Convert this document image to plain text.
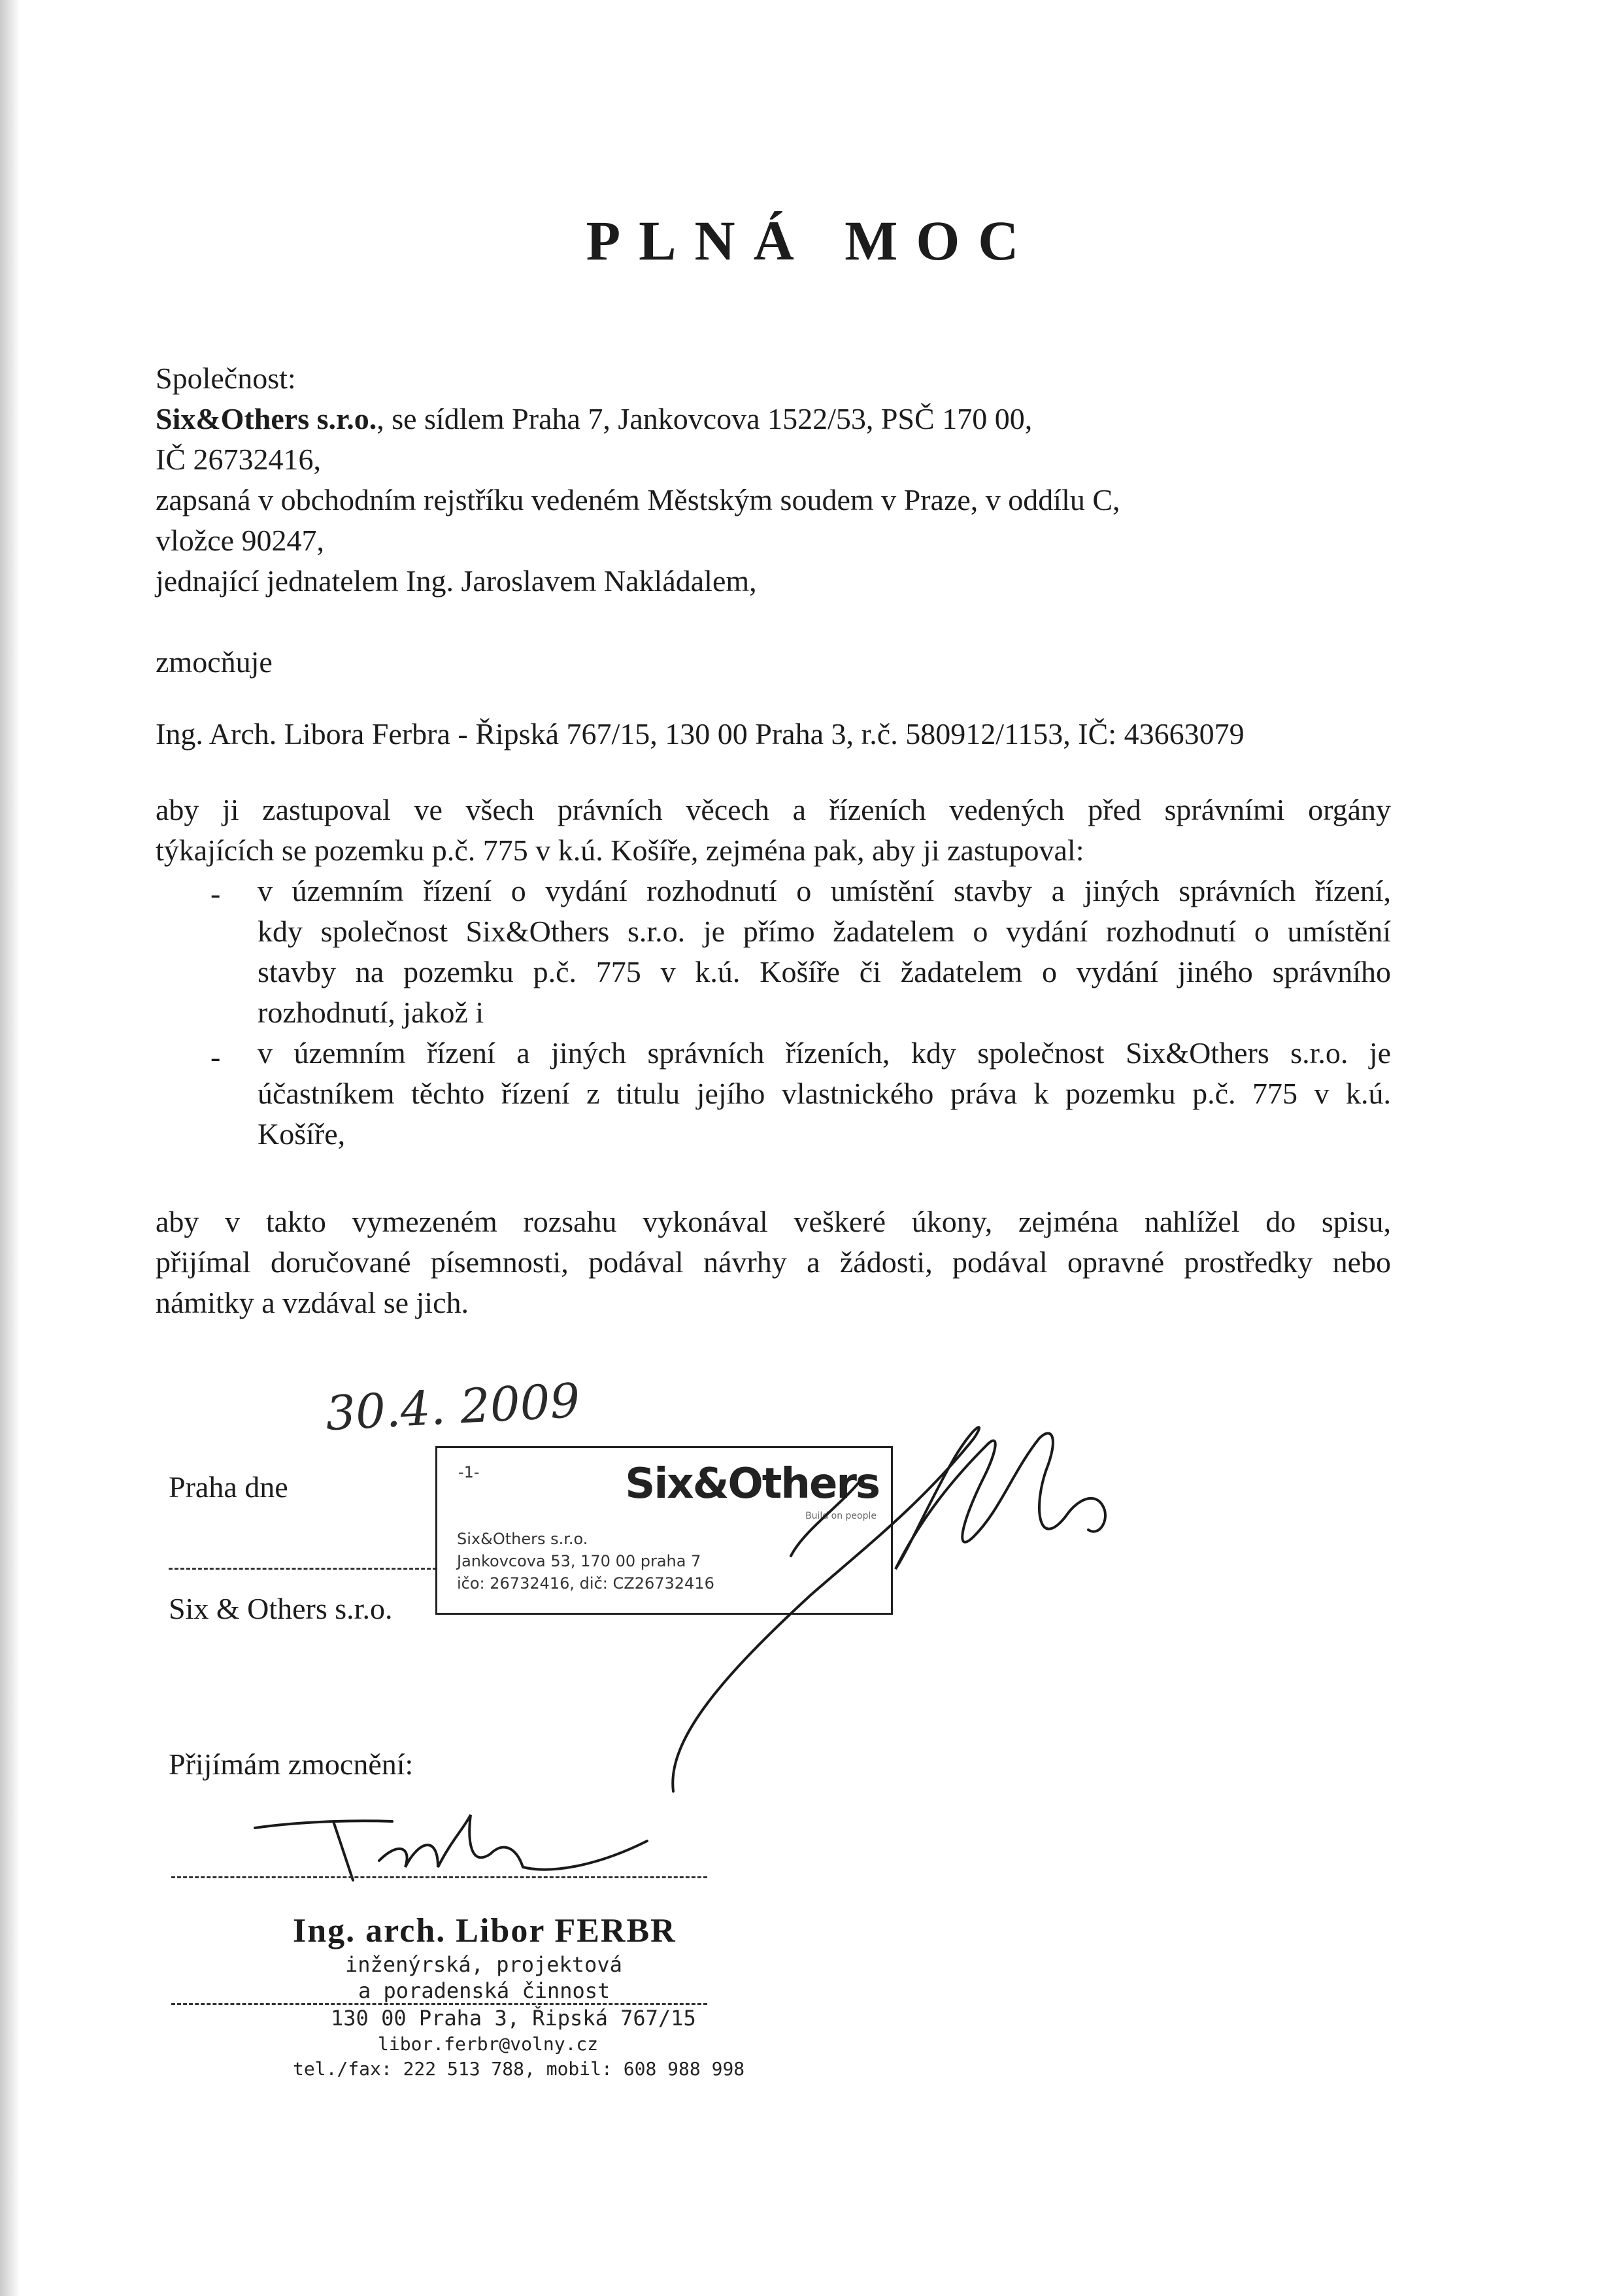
PLNÁ MOC
Společnost:
Six&Others s.r.o., se sídlem Praha 7, Jankovcova 1522/53, PSČ 170 00,
IČ 26732416,
zapsaná v obchodním rejstříku vedeném Městským soudem v Praze, v oddílu C,
vložce 90247,
jednající jednatelem Ing. Jaroslavem Nakládalem,
zmocňuje
Ing. Arch. Libora Ferbra - Řipská 767/15, 130 00 Praha 3, r.č. 580912/1153, IČ: 43663079
aby ji zastupoval ve všech právních věcech a řízeních vedených před správními orgány
týkajících se pozemku p.č. 775 v k.ú. Košíře, zejména pak, aby ji zastupoval:
- v územním řízení o vydání rozhodnutí o umístění stavby a jiných správních řízení,
kdy společnost Six&Others s.r.o. je přímo žadatelem o vydání rozhodnutí o umístění
stavby na pozemku p.č. 775 v k.ú. Košíře či žadatelem o vydání jiného správního
rozhodnutí, jakož i
- v územním řízení a jiných správních řízeních, kdy společnost Six&Others s.r.o. je
účastníkem těchto řízení z titulu jejího vlastnického práva k pozemku p.č. 775 v k.ú.
Košíře,
aby v takto vymezeném rozsahu vykonával veškeré úkony, zejména nahlížel do spisu,
přijímal doručované písemnosti, podával návrhy a žádosti, podával opravné prostředky nebo
námitky a vzdával se jich.
30.4. 2009
Praha dne
Six & Others s.r.o.
-1-	Six&Others
Build on people
Six&Others s.r.o.
Jankovcova 53, 170 00 praha 7
ičo: 26732416, dič: CZ26732416
Přijímám zmocnění:
Ing. arch. Libor FERBR
inženýrská, projektová
a poradenská činnost
130 00 Praha 3, Řipská 767/15
libor.ferbr@volny.cz
tel./fax: 222 513 788, mobil: 608 988 998
